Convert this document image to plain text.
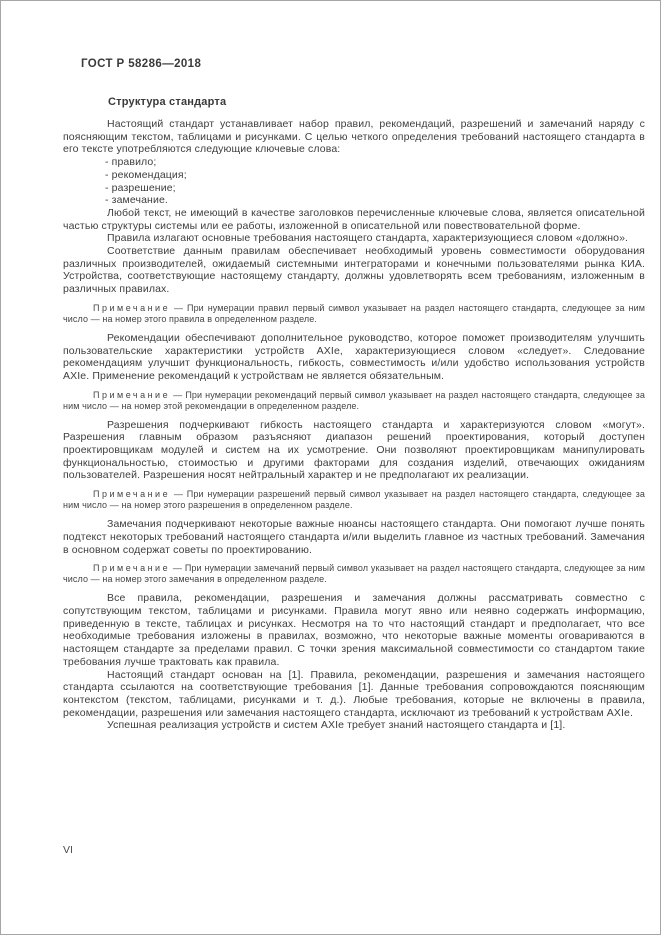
ГОСТ Р 58286—2018
Структура стандарта

Настоящий стандарт устанавливает набор правил, рекомендаций, разрешений и замечаний наряду с поясняющим текстом, таблицами и рисунками. С целью четкого определения требований настоящего стандарта в его тексте употребляются следующие ключевые слова:

- правило;

- рекомендация;

- разрешение;

- замечание.

Любой текст, не имеющий в качестве заголовков перечисленные ключевые слова, является описательной частью структуры системы или ее работы, изложенной в описательной или повествовательной форме.

Правила излагают основные требования настоящего стандарта, характеризующиеся словом «должно».

Соответствие данным правилам обеспечивает необходимый уровень совместимости оборудования различных производителей, ожидаемый системными интеграторами и конечными пользователями рынка КИА. Устройства, соответствующие настоящему стандарту, должны удовлетворять всем требованиям, изложенным в различных правилах.

Примечание — При нумерации правил первый символ указывает на раздел настоящего стандарта, следующее за ним число — на номер этого правила в определенном разделе.

Рекомендации обеспечивают дополнительное руководство, которое поможет производителям улучшить пользовательские характеристики устройств AXIe, характеризующиеся словом «следует». Следование рекомендациям улучшит функциональность, гибкость, совместимость и/или удобство использования устройств AXIe. Применение рекомендаций к устройствам не является обязательным.

Примечание — При нумерации рекомендаций первый символ указывает на раздел настоящего стандарта, следующее за ним число — на номер этой рекомендации в определенном разделе.

Разрешения подчеркивают гибкость настоящего стандарта и характеризуются словом «могут». Разрешения главным образом разъясняют диапазон решений проектирования, который доступен проектировщикам модулей и систем на их усмотрение. Они позволяют проектировщикам манипулировать функциональностью, стоимостью и другими факторами для создания изделий, отвечающих ожиданиям пользователей. Разрешения носят нейтральный характер и не предполагают их реализации.

Примечание — При нумерации разрешений первый символ указывает на раздел настоящего стандарта, следующее за ним число — на номер этого разрешения в определенном разделе.

Замечания подчеркивают некоторые важные нюансы настоящего стандарта. Они помогают лучше понять подтекст некоторых требований настоящего стандарта и/или выделить главное из частных требований. Замечания в основном содержат советы по проектированию.

Примечание — При нумерации замечаний первый символ указывает на раздел настоящего стандарта, следующее за ним число — на номер этого замечания в определенном разделе.

Все правила, рекомендации, разрешения и замечания должны рассматривать совместно с сопутствующим текстом, таблицами и рисунками. Правила могут явно или неявно содержать информацию, приведенную в тексте, таблицах и рисунках. Несмотря на то что настоящий стандарт и предполагает, что все необходимые требования изложены в правилах, возможно, что некоторые важные моменты оговариваются в настоящем стандарте за пределами правил. С точки зрения максимальной совместимости со стандартом такие требования лучше трактовать как правила.

Настоящий стандарт основан на [1]. Правила, рекомендации, разрешения и замечания настоящего стандарта ссылаются на соответствующие требования [1]. Данные требования сопровождаются поясняющим контекстом (текстом, таблицами, рисунками и т. д.). Любые требования, которые не включены в правила, рекомендации, разрешения или замечания настоящего стандарта, исключают из требований к устройствам AXIe.

Успешная реализация устройств и систем AXIe требует знаний настоящего стандарта и [1].

VI
